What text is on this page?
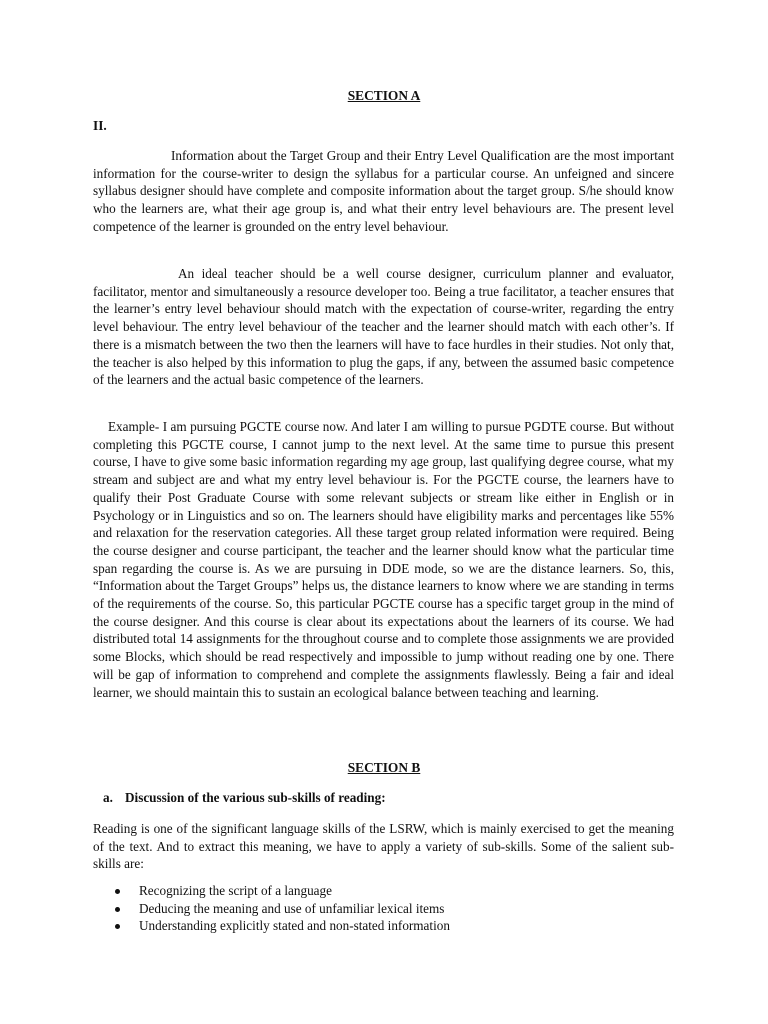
SECTION A
II.

Information about the Target Group and their Entry Level Qualification are the most important information for the course-writer to design the syllabus for a particular course. An unfeigned and sincere syllabus designer should have complete and composite information about the target group. S/he should know who the learners are, what their age group is, and what their entry level behaviours are. The present level competence of the learner is grounded on the entry level behaviour.

An ideal teacher should be a well course designer, curriculum planner and evaluator, facilitator, mentor and simultaneously a resource developer too. Being a true facilitator, a teacher ensures that the learner’s entry level behaviour should match with the expectation of course-writer, regarding the entry level behaviour. The entry level behaviour of the teacher and the learner should match with each other’s. If there is a mismatch between the two then the learners will have to face hurdles in their studies. Not only that, the teacher is also helped by this information to plug the gaps, if any, between the assumed basic competence of the learners and the actual basic competence of the learners.

Example- I am pursuing PGCTE course now. And later I am willing to pursue PGDTE course. But without completing this PGCTE course, I cannot jump to the next level. At the same time to pursue this present course, I have to give some basic information regarding my age group, last qualifying degree course, what my stream and subject are and what my entry level behaviour is. For the PGCTE course, the learners have to qualify their Post Graduate Course with some relevant subjects or stream like either in English or in Psychology or in Linguistics and so on. The learners should have eligibility marks and percentages like 55% and relaxation for the reservation categories. All these target group related information were required. Being the course designer and course participant, the teacher and the learner should know what the particular time span regarding the course is. As we are pursuing in DDE mode, so we are the distance learners. So, this, “Information about the Target Groups” helps us, the distance learners to know where we are standing in terms of the requirements of the course. So, this particular PGCTE course has a specific target group in the mind of the course designer. And this course is clear about its expectations about the learners of its course. We had distributed total 14 assignments for the throughout course and to complete those assignments we are provided some Blocks, which should be read respectively and impossible to jump without reading one by one. There will be gap of information to comprehend and complete the assignments flawlessly. Being a fair and ideal learner, we should maintain this to sustain an ecological balance between teaching and learning.

SECTION B
a. Discussion of the various sub-skills of reading:

Reading is one of the significant language skills of the LSRW, which is mainly exercised to get the meaning of the text. And to extract this meaning, we have to apply a variety of sub-skills. Some of the salient sub-skills are:

Recognizing the script of a language
Deducing the meaning and use of unfamiliar lexical items
Understanding explicitly stated and non-stated information
